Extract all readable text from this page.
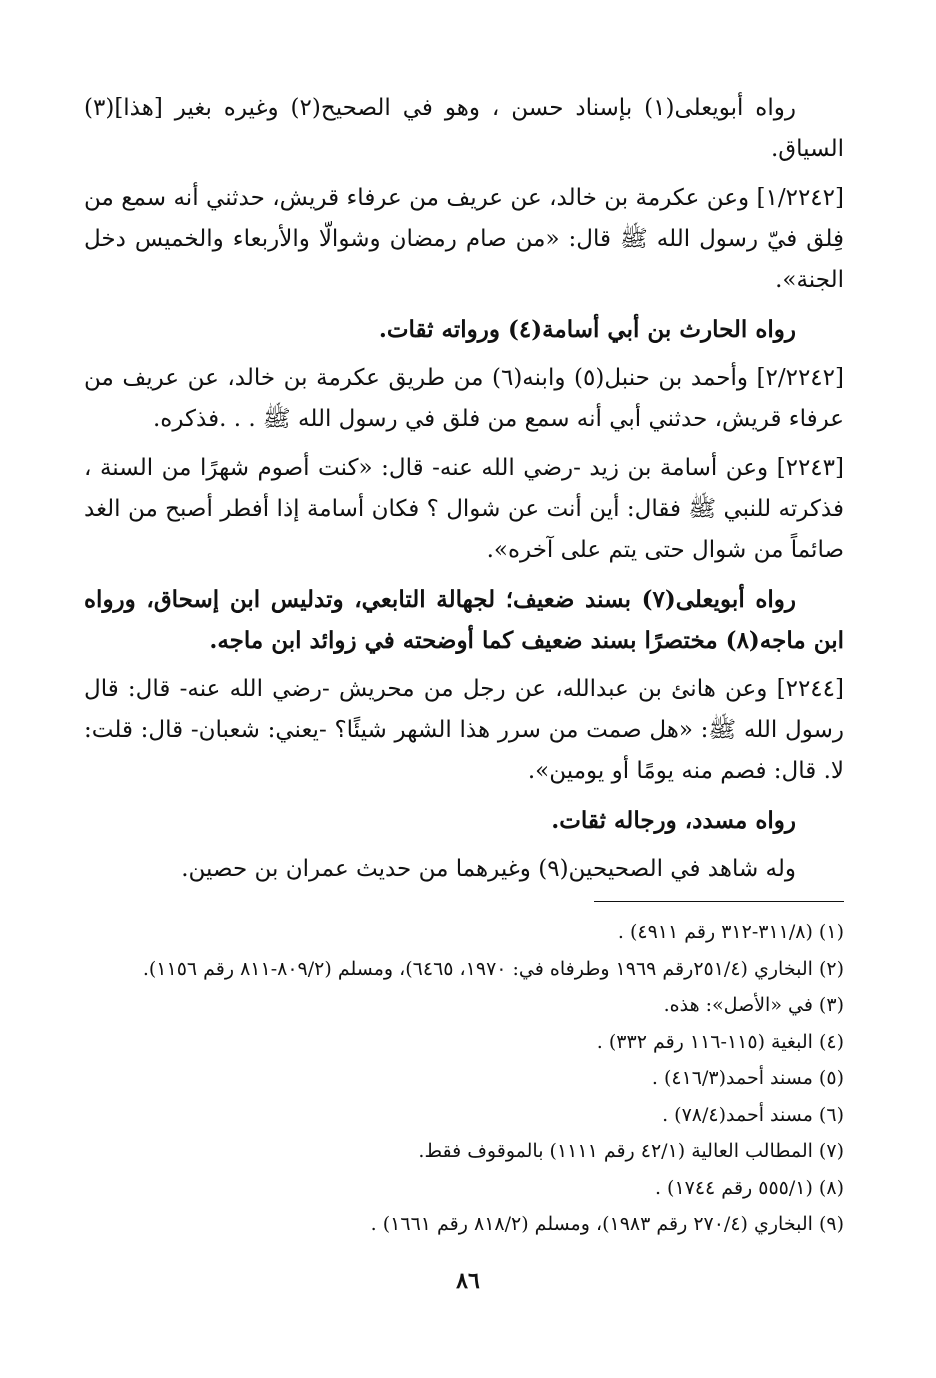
رواه أبويعلى(١) بإسناد حسن ، وهو في الصحيح(٢) وغيره بغير [هذا](٣) السياق.

[١/٢٢٤٢] وعن عكرمة بن خالد، عن عريف من عرفاء قريش، حدثني أنه سمع من فِلق فيّ رسول الله ﷺ قال: «من صام رمضان وشوالّا والأربعاء والخميس دخل الجنة».

رواه الحارث بن أبي أسامة(٤) ورواته ثقات.

[٢/٢٢٤٢] وأحمد بن حنبل(٥) وابنه(٦) من طريق عكرمة بن خالد، عن عريف من عرفاء قريش، حدثني أبي أنه سمع من فلق في رسول الله ﷺ . . .فذكره.

[٢٢٤٣] وعن أسامة بن زيد -رضي الله عنه- قال: «كنت أصوم شهرًا من السنة ، فذكرته للنبي ﷺ فقال: أين أنت عن شوال ؟ فكان أسامة إذا أفطر أصبح من الغد صائماً من شوال حتى يتم على آخره».

رواه أبويعلى(٧) بسند ضعيف؛ لجهالة التابعي، وتدليس ابن إسحاق، ورواه ابن ماجه(٨) مختصرًا بسند ضعيف كما أوضحته في زوائد ابن ماجه.

[٢٢٤٤] وعن هانئ بن عبدالله، عن رجل من محريش -رضي الله عنه- قال: قال رسول الله ﷺ: «هل صمت من سرر هذا الشهر شيئًا؟ -يعني: شعبان- قال: قلت: لا. قال: فصم منه يومًا أو يومين».

رواه مسدد، ورجاله ثقات.

وله شاهد في الصحيحين(٩) وغيرهما من حديث عمران بن حصين.

(١) (٣١١/٨-٣١٢ رقم ٤٩١١) .

(٢) البخاري (٢٥١/٤رقم ١٩٦٩ وطرفاه في: ١٩٧٠، ٦٤٦٥)، ومسلم (٨٠٩/٢-٨١١ رقم ١١٥٦).

(٣) في «الأصل»: هذه.

(٤) البغية (١١٥-١١٦ رقم ٣٣٢) .

(٥) مسند أحمد(٤١٦/٣) .

(٦) مسند أحمد(٧٨/٤) .

(٧) المطالب العالية (٤٢/١ رقم ١١١١) بالموقوف فقط.

(٨) (٥٥٥/١ رقم ١٧٤٤) .

(٩) البخاري (٢٧٠/٤ رقم ١٩٨٣)، ومسلم (٨١٨/٢ رقم ١٦٦١) .

٨٦
